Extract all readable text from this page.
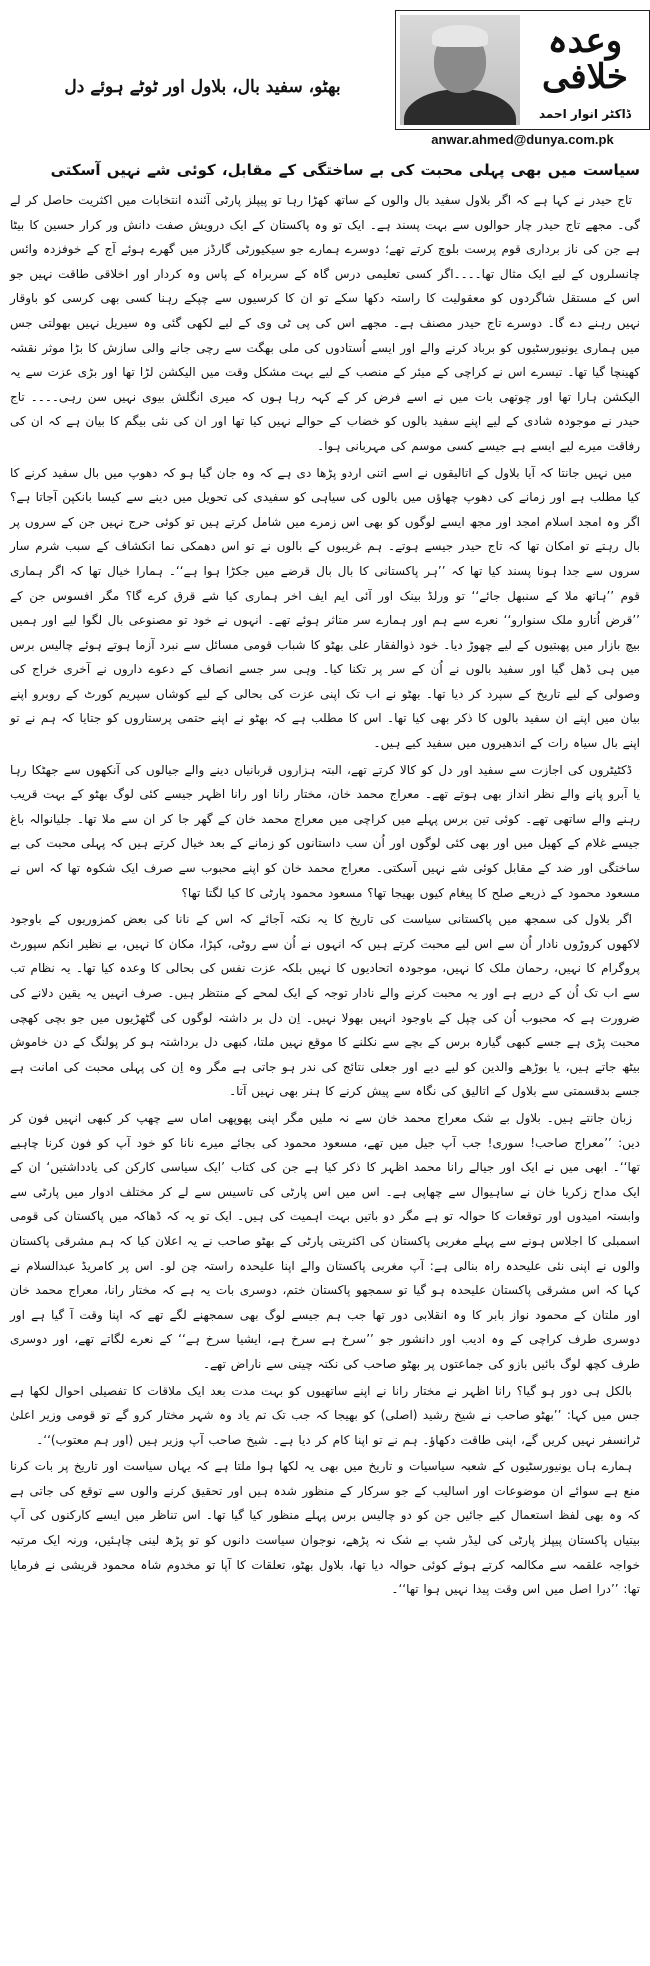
وعدہ
خلافی
ڈاکٹر انوار احمد
anwar.ahmed@dunya.com.pk
بھٹو، سفید بال، بلاول اور ٹوٹے ہوئے دل

سیاست میں بھی پہلی محبت کی بے ساختگی کے مقابل، کوئی شے نہیں آسکتی

تاج حیدر نے کہا ہے کہ اگر بلاول سفید بال والوں کے ساتھ کھڑا رہا تو پیپلز پارٹی آئندہ انتخابات میں اکثریت حاصل کر لے گی۔ مجھے تاج حیدر چار حوالوں سے بہت پسند ہے۔ ایک تو وہ پاکستان کے ایک درویش صفت دانش ور کرار حسین کا بیٹا ہے جن کی ناز برداری قوم پرست بلوچ کرتے تھے؛ دوسرے ہمارے جو سیکیورٹی گارڈز میں گھرے ہوئے آج کے خوفزدہ وائس چانسلروں کے لیے ایک مثال تھا۔۔۔۔اگر کسی تعلیمی درس گاہ کے سربراہ کے پاس وہ کردار اور اخلاقی طاقت نہیں جو اس کے مستقل شاگردوں کو معقولیت کا راستہ دکھا سکے تو ان کا کرسیوں سے چپکے رہنا کسی بھی کرسی کو باوقار نہیں رہنے دے گا۔ دوسرے تاج حیدر مصنف ہے۔ مجھے اس کی پی ٹی وی کے لیے لکھی گئی وہ سیریل نہیں بھولتی جس میں ہماری یونیورسٹیوں کو برباد کرنے والے اور ایسے اُستادوں کی ملی بھگت سے رچی جانے والی سازش کا بڑا موثر نقشہ کھینچا گیا تھا۔ تیسرے اس نے کراچی کے میئر کے منصب کے لیے بہت مشکل وقت میں الیکشن لڑا تھا اور بڑی عزت سے یہ الیکشن ہارا تھا اور چوتھی بات میں نے اسے فرض کر کے کہہ رہا ہوں کہ میری انگلش بیوی نہیں سن رہی۔۔۔۔ تاج حیدر نے موجودہ شادی کے لیے اپنے سفید بالوں کو خضاب کے حوالے نہیں کیا تھا اور ان کی نئی بیگم کا بیان ہے کہ ان کی رفاقت میرے لیے ایسے ہے جیسے کسی موسم کی مہربانی ہوا۔

میں نہیں جانتا کہ آیا بلاول کے اتالیقوں نے اسے اتنی اردو پڑھا دی ہے کہ وہ جان گیا ہو کہ دھوپ میں بال سفید کرنے کا کیا مطلب ہے اور زمانے کی دھوپ چھاؤں میں بالوں کی سیاہی کو سفیدی کی تحویل میں دینے سے کیسا بانکپن آجاتا ہے؟ اگر وہ امجد اسلام امجد اور مجھ ایسے لوگوں کو بھی اس زمرے میں شامل کرتے ہیں تو کوئی حرج نہیں جن کے سروں پر بال رہتے تو امکان تھا کہ تاج حیدر جیسے ہوتے۔ ہم غریبوں کے بالوں نے تو اس دھمکی نما انکشاف کے سبب شرم سار سروں سے جدا ہونا پسند کیا تھا کہ ’’ہر پاکستانی کا بال بال قرضے میں جکڑا ہوا ہے‘‘۔ ہمارا خیال تھا کہ اگر ہماری قوم ’’ہاتھ ملا کے سنبھل جائے‘‘ تو ورلڈ بینک اور آئی ایم ایف اخر ہماری کیا شے قرق کرے گا؟ مگر افسوس جن کے ’’قرض اُتارو ملک سنوارو‘‘ نعرے سے ہم اور ہمارے سر متاثر ہوئے تھے۔ انہوں نے خود تو مصنوعی بال لگوا لیے اور ہمیں بیچ بازار میں پھبتیوں کے لیے چھوڑ دیا۔ خود ذوالفقار علی بھٹو کا شباب قومی مسائل سے نبرد آزما ہوتے ہوئے چالیس برس میں ہی ڈھل گیا اور سفید بالوں نے اُن کے سر پر تکنا کیا۔ وہی سر جسے انصاف کے دعوے داروں نے آخری خراج کی وصولی کے لیے تاریخ کے سپرد کر دیا تھا۔ بھٹو نے اب تک اپنی عزت کی بحالی کے لیے کوشاں سپریم کورٹ کے روبرو اپنے بیان میں اپنے ان سفید بالوں کا ذکر بھی کیا تھا۔ اس کا مطلب ہے کہ بھٹو نے اپنے حتمی پرستاروں کو جتایا کہ ہم نے تو اپنے بال سیاہ رات کے اندھیروں میں سفید کیے ہیں۔

ڈکٹیٹروں کی اجازت سے سفید اور دل کو کالا کرتے تھے، البتہ ہزاروں قربانیاں دینے والے جیالوں کی آنکھوں سے جھٹکا رہا یا آبرو پانے والے نظر انداز بھی ہوتے تھے۔ معراج محمد خان، مختار رانا اور رانا اظہر جیسے کئی لوگ بھٹو کے بہت قریب رہنے والے ساتھی تھے۔ کوئی تین برس پہلے میں کراچی میں معراج محمد خان کے گھر جا کر ان سے ملا تھا۔ جلیانوالہ باغ جیسے غلام کے کھیل میں اور بھی کئی لوگوں اور اُن سب داستانوں کو زمانے کے بعد خیال کرتے ہیں کہ پہلی محبت کی بے ساختگی اور ضد کے مقابل کوئی شے نہیں آسکتی۔ معراج محمد خان کو اپنے محبوب سے صرف ایک شکوہ تھا کہ اس نے مسعود محمود کے ذریعے صلح کا پیغام کیوں بھیجا تھا؟ مسعود محمود پارٹی کا کیا لگتا تھا؟

اگر بلاول کی سمجھ میں پاکستانی سیاست کی تاریخ کا یہ نکتہ آجائے کہ اس کے نانا کی بعض کمزوریوں کے باوجود لاکھوں کروڑوں نادار اُن سے اس لیے محبت کرتے ہیں کہ انہوں نے اُن سے روٹی، کپڑا، مکان کا نہیں، بے نظیر انکم سپورٹ پروگرام کا نہیں، رحمان ملک کا نہیں، موجودہ اتحادیوں کا نہیں بلکہ عزت نفس کی بحالی کا وعدہ کیا تھا۔ یہ نظام تب سے اب تک اُن کے درپے ہے اور یہ محبت کرنے والے نادار توجہ کے ایک لمحے کے منتظر ہیں۔ صرف انہیں یہ یقین دلانے کی ضرورت ہے کہ محبوب اُن کی چپل کے باوجود انہیں بھولا نہیں۔ اِن دل بر داشتہ لوگوں کی گٹھڑیوں میں جو بچی کھچی محبت پڑی ہے جسے کبھی گیارہ برس کے بچے سے نکلنے کا موقع نہیں ملتا، کبھی دل برداشتہ ہو کر پولنگ کے دن خاموش بیٹھ جاتے ہیں، یا بوڑھے والدین کو لیے دیے اور جعلی نتائج کی ندر ہو جاتی ہے مگر وہ اِن کی پہلی محبت کی امانت ہے جسے بدقسمتی سے بلاول کے اتالیق کی نگاہ سے پیش کرنے کا ہنر بھی نہیں آتا۔

زبان جانتے ہیں۔ بلاول بے شک معراج محمد خان سے نہ ملیں مگر اپنی پھوپھی اماں سے چھپ کر کبھی انہیں فون کر دیں: ’’معراج صاحب! سوری! جب آپ جیل میں تھے، مسعود محمود کی بجائے میرے نانا کو خود آپ کو فون کرنا چاہیے تھا‘‘۔ ابھی میں نے ایک اور جیالے رانا محمد اظہر کا ذکر کیا ہے جن کی کتاب ’ایک سیاسی کارکن کی یادداشتیں‘ ان کے ایک مداح زکریا خان نے ساہیوال سے چھاپی ہے۔ اس میں اس پارٹی کی تاسیس سے لے کر مختلف ادوار میں پارٹی سے وابستہ امیدوں اور توقعات کا حوالہ تو ہے مگر دو باتیں بہت اہمیت کی ہیں۔ ایک تو یہ کہ ڈھاکہ میں پاکستان کی قومی اسمبلی کا اجلاس ہونے سے پہلے مغربی پاکستان کی اکثریتی پارٹی کے بھٹو صاحب نے یہ اعلان کیا کہ ہم مشرقی پاکستان والوں نے اپنی نئی علیحدہ راہ بنالی ہے: آپ مغربی پاکستان والے اپنا علیحدہ راستہ چن لو۔ اس پر کامریڈ عبدالسلام نے کہا کہ اس مشرقی پاکستان علیحدہ ہو گیا تو سمجھو پاکستان ختم، دوسری بات یہ ہے کہ مختار رانا، معراج محمد خان اور ملتان کے محمود نواز بابر کا وہ انقلابی دور تھا جب ہم جیسے لوگ بھی سمجھنے لگے تھے کہ اپنا وقت آ گیا ہے اور دوسری طرف کراچی کے وہ ادیب اور دانشور جو ’’سرخ ہے سرخ ہے، ایشیا سرخ ہے‘‘ کے نعرے لگاتے تھے، اور دوسری طرف کچھ لوگ بائیں بازو کی جماعتوں پر بھٹو صاحب کی نکتہ چینی سے ناراض تھے۔

بالکل ہی دور ہو گیا؟ رانا اظہر نے مختار رانا نے اپنے ساتھیوں کو بہت مدت بعد ایک ملاقات کا تفصیلی احوال لکھا ہے جس میں کہا: ’’بھٹو صاحب نے شیخ رشید (اصلی) کو بھیجا کہ جب تک تم یاد وہ شہر مختار کرو گے تو قومی وزیر اعلیٰ ٹرانسفر نہیں کریں گے، اپنی طاقت دکھاؤ۔ ہم نے تو اپنا کام کر دیا ہے۔ شیخ صاحب آپ وزیر ہیں (اور ہم معتوب)‘‘۔

ہمارے ہاں یونیورسٹیوں کے شعبہ سیاسیات و تاریخ میں بھی یہ لکھا ہوا ملتا ہے کہ یہاں سیاست اور تاریخ پر بات کرنا منع ہے سوائے ان موضوعات اور اسالیب کے جو سرکار کے منظور شدہ ہیں اور تحقیق کرنے والوں سے توقع کی جاتی ہے کہ وہ بھی لفظ استعمال کیے جائیں جن کو دو چالیس برس پہلے منظور کیا گیا تھا۔ اس تناظر میں ایسے کارکنوں کی آپ بیتیاں پاکستان پیپلز پارٹی کی لیڈر شپ بے شک نہ پڑھے، نوجوان سیاست دانوں کو تو پڑھ لینی چاہئیں، ورنہ ایک مرتبہ خواجہ علقمہ سے مکالمہ کرتے ہوئے کوئی حوالہ دیا تھا، بلاول بھٹو، تعلقات کا آپا تو مخدوم شاہ محمود قریشی نے فرمایا تھا: ’’درا اصل میں اس وقت پیدا نہیں ہوا تھا‘‘۔
